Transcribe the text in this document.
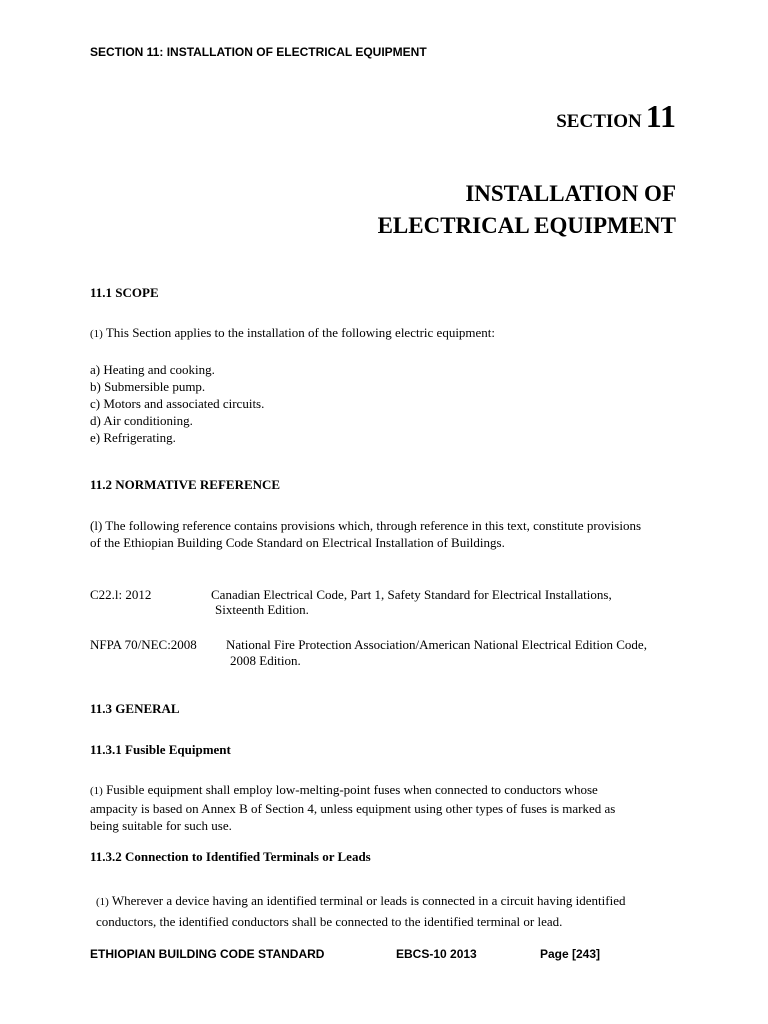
SECTION 11: INSTALLATION OF ELECTRICAL EQUIPMENT
SECTION 11
INSTALLATION OF
ELECTRICAL EQUIPMENT
11.1 SCOPE
(1) This Section applies to the installation of the following electric equipment:
a) Heating and cooking.
b) Submersible pump.
c) Motors and associated circuits.
d) Air conditioning.
e) Refrigerating.
11.2 NORMATIVE REFERENCE
(l) The following reference contains provisions which, through reference in this text, constitute provisions
of the Ethiopian Building Code Standard on Electrical Installation of Buildings.
C22.l: 2012	Canadian Electrical Code, Part 1, Safety Standard for Electrical Installations,
Sixteenth Edition.
NFPA 70/NEC:2008 National Fire Protection Association/American National Electrical Edition Code,
2008 Edition.
11.3 GENERAL
11.3.1 Fusible Equipment
(1) Fusible equipment shall employ low-melting-point fuses when connected to conductors whose
ampacity is based on Annex B of Section 4, unless equipment using other types of fuses is marked as
being suitable for such use.
11.3.2 Connection to Identified Terminals or Leads
(1) Wherever a device having an identified terminal or leads is connected in a circuit having identified
conductors, the identified conductors shall be connected to the identified terminal or lead.
ETHIOPIAN BUILDING CODE STANDARD	EBCS-10 2013	Page [243]
